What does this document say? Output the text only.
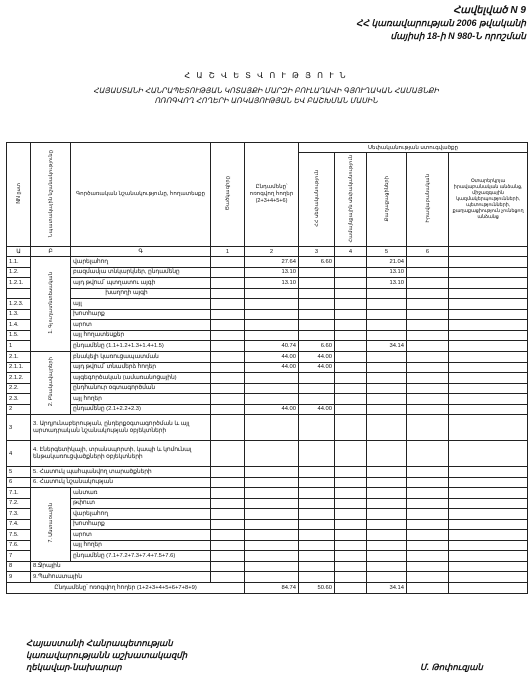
Հավելված N 9
ՀՀ կառավարության 2006 թվականի
մայիսի 18-ի N 980-Ն որոշման
Հ Ա Շ Վ Ե Տ Վ Ո Ւ Թ Յ Ո Ւ Ն
ՀԱՅԱՍՏԱՆԻ ՀԱՆՐԱՊԵՏՈՒԹՅԱՆ ԿՈՏԱՅՔԻ ՄԱՐԶԻ ԲՈՒԼԱՂԱՎԻ ԳՅՈՒՂԱԿԱՆ ՀԱՄԱՅՆՔԻ
ՈՌՈԳՎՈՂ ՀՈՂԵՐԻ ԱՌԿԱՅՈՒԹՅԱՆ ԵՎ ԲԱՇԽՄԱՆ ՄԱՍԻՆ
NN ըստ	Նպատակային նշանակությունը	Գործառական նշանակությունը, հողատեսքը	Ծածկագիրը	Ընդամենը՝ ոռոգվող հողեր (2+3+4+5+6)	Սեփականության ստուգվածքը				
					ՀՀ սեփականություն	Համայնքային սեփականություն	Քաղաքացիների	Իրավաբանական	Օտարերկրյա իրավաբանական անձանց, միջազգային կազմակերպությունների, պետությունների, քաղաքացիություն չունեցող անձանց
Ա	Բ	Գ	1	2	3	4	5	6	
1.1.	1. Գյուղատնտեսական	վարելահող		27.64	6.60		21.04		
1.2.		բազմամյա տնկարկներ, ընդամենը		13.10			13.10		
1.2.1.		այդ թվում՝ պտղատու այգի		13.10			13.10		
		խաղողի այգի							
1.2.3.		այլ							
1.3.		խոտհարք							
1.4.		արոտ							
1.5.		այլ հողատեսքեր							
1		ընդամենը (1.1+1.2+1.3+1.4+1.5)		40.74	6.60		34.14		
2.1.	2. Բնակավայրերի	բնակելի կառուցապատման		44.00	44.00				
2.1.1.		այդ թվում՝ տնամերձ հողեր		44.00	44.00				
2.1.2.		այգեգործական (ամառանոցային)							
2.2.		ընդհանուր օգտագործման							
2.3.		այլ հողեր							
2		ընդամենը (2.1+2.2+2.3)		44.00	44.00				
3	3. Արդյունաբերության, ընդերքօգտագործման և այլ արտադրական նշանակության օբյեկտների								
4	4. Էներգետիկայի, տրանսպորտի, կապի և կոմունալ ենթակառուցվածքների օբյեկտների								
5	5. Հատուկ պահպանվող տարածքների								
6	6. Հատուկ նշանակության								
7.1.	7. Անտառային	անտառ							
7.2.		թփուտ							
7.3.		վարելահող							
7.4.		խոտհարք							
7.5.		արոտ							
7.6.		այլ հողեր							
7		ընդամենը (7.1+7.2+7.3+7.4+7.5+7.6)							
8	8.Ջրային								
9	9.Պահուստային								
Ընդամենը՝ ոռոգվող հողեր (1+2+3+4+5+6+7+8+9)				84.74	50.60		34.14		
Հայաստանի Հանրապետության
կառավարությանն աշխատակազմի
ղեկավար-նախարար	Մ. Թոփուզյան
